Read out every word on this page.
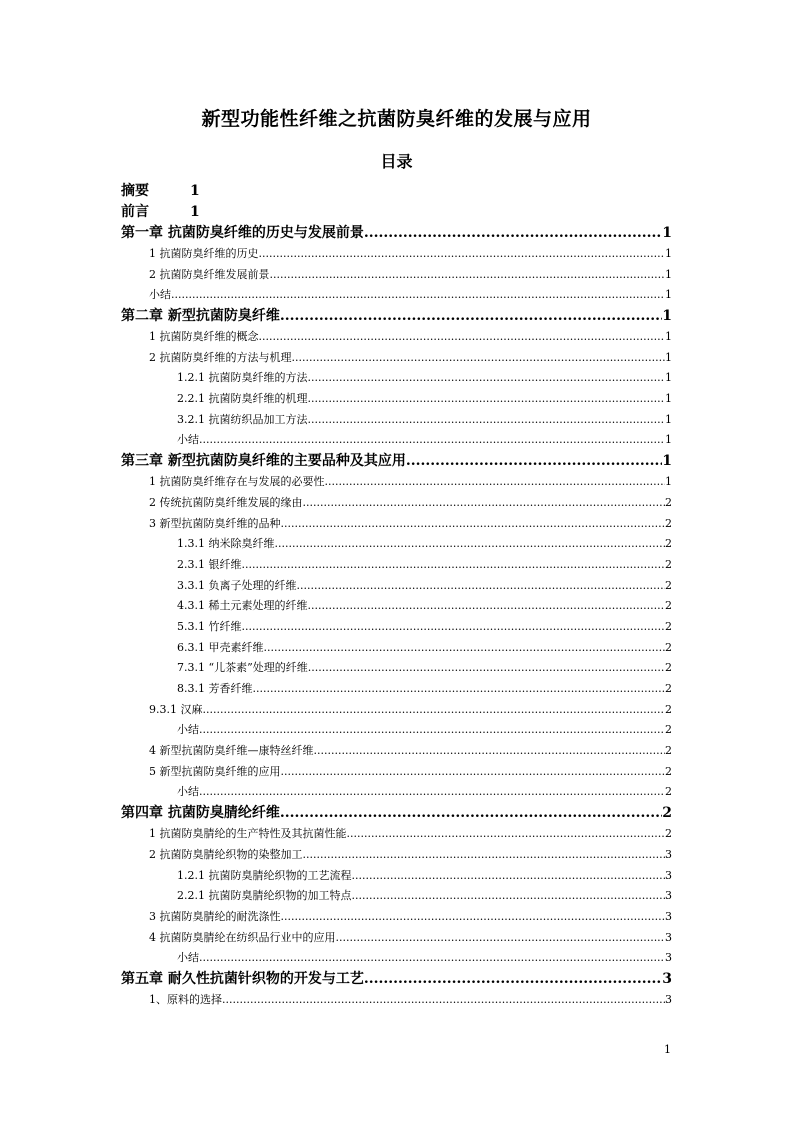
新型功能性纤维之抗菌防臭纤维的发展与应用
目录
摘要	1
前言	1
第一章 抗菌防臭纤维的历史与发展前景 .....	1
1 抗菌防臭纤维的历史 .....	1
2 抗菌防臭纤维发展前景 .....	1
小结 .....	1
第二章 新型抗菌防臭纤维 .....	1
1 抗菌防臭纤维的概念 .....	1
2 抗菌防臭纤维的方法与机理 .....	1
1.2.1 抗菌防臭纤维的方法 .....	1
2.2.1 抗菌防臭纤维的机理 .....	1
3.2.1 抗菌纺织品加工方法 .....	1
小结 .....	1
第三章 新型抗菌防臭纤维的主要品种及其应用 .....	1
1 抗菌防臭纤维存在与发展的必要性 .....	1
2 传统抗菌防臭纤维发展的缘由 .....	2
3 新型抗菌防臭纤维的品种 .....	2
1.3.1 纳米除臭纤维 .....	2
2.3.1 银纤维 .....	2
3.3.1 负离子处理的纤维 .....	2
4.3.1 稀土元素处理的纤维 .....	2
5.3.1 竹纤维 .....	2
6.3.1 甲壳素纤维 .....	2
7.3.1 “儿茶素”处理的纤维 .....	2
8.3.1 芳香纤维 .....	2
9.3.1 汉麻 .....	2
小结 .....	2
4 新型抗菌防臭纤维—康特丝纤维 .....	2
5 新型抗菌防臭纤维的应用 .....	2
小结 .....	2
第四章 抗菌防臭腈纶纤维 .....	2
1 抗菌防臭腈纶的生产特性及其抗菌性能 .....	2
2 抗菌防臭腈纶织物的染整加工 .....	3
1.2.1 抗菌防臭腈纶织物的工艺流程 .....	3
2.2.1 抗菌防臭腈纶织物的加工特点 .....	3
3 抗菌防臭腈纶的耐洗涤性 .....	3
4 抗菌防臭腈纶在纺织品行业中的应用 .....	3
小结 .....	3
第五章 耐久性抗菌针织物的开发与工艺 .....	3
1、原料的选择 .....	3
1
